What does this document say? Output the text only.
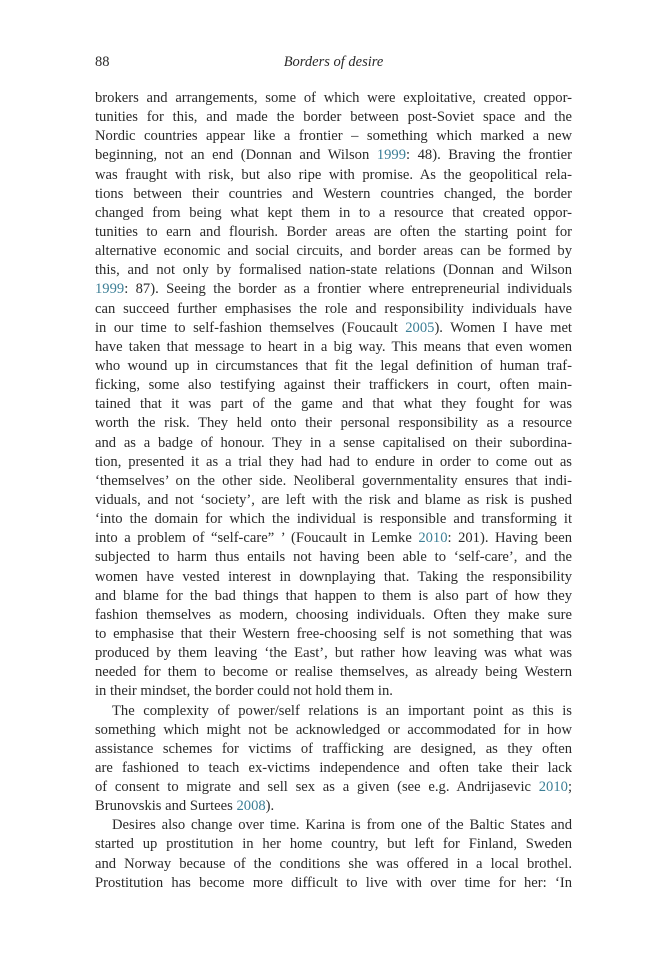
88	Borders of desire
brokers and arrangements, some of which were exploitative, created oppor-
tunities for this, and made the border between post-Soviet space and the
Nordic countries appear like a frontier – something which marked a new
beginning, not an end (Donnan and Wilson 1999: 48). Braving the frontier
was fraught with risk, but also ripe with promise. As the geopolitical rela-
tions between their countries and Western countries changed, the border
changed from being what kept them in to a resource that created oppor-
tunities to earn and flourish. Border areas are often the starting point for
alternative economic and social circuits, and border areas can be formed by
this, and not only by formalised nation-state relations (Donnan and Wilson
1999: 87). Seeing the border as a frontier where entrepreneurial individuals
can succeed further emphasises the role and responsibility individuals have
in our time to self-fashion themselves (Foucault 2005). Women I have met
have taken that message to heart in a big way. This means that even women
who wound up in circumstances that fit the legal definition of human traf-
ficking, some also testifying against their traffickers in court, often main-
tained that it was part of the game and that what they fought for was
worth the risk. They held onto their personal responsibility as a resource
and as a badge of honour. They in a sense capitalised on their subordina-
tion, presented it as a trial they had had to endure in order to come out as
‘themselves’ on the other side. Neoliberal governmentality ensures that indi-
viduals, and not ‘society’, are left with the risk and blame as risk is pushed
‘into the domain for which the individual is responsible and transforming it
into a problem of “self-care” ’ (Foucault in Lemke 2010: 201). Having been
subjected to harm thus entails not having been able to ‘self-care’, and the
women have vested interest in downplaying that. Taking the responsibility
and blame for the bad things that happen to them is also part of how they
fashion themselves as modern, choosing individuals. Often they make sure
to emphasise that their Western free-choosing self is not something that was
produced by them leaving ‘the East’, but rather how leaving was what was
needed for them to become or realise themselves, as already being Western
in their mindset, the border could not hold them in.
The complexity of power/self relations is an important point as this is
something which might not be acknowledged or accommodated for in how
assistance schemes for victims of trafficking are designed, as they often
are fashioned to teach ex-victims independence and often take their lack
of consent to migrate and sell sex as a given (see e.g. Andrijasevic 2010;
Brunovskis and Surtees 2008).
Desires also change over time. Karina is from one of the Baltic States and
started up prostitution in her home country, but left for Finland, Sweden
and Norway because of the conditions she was offered in a local brothel.
Prostitution has become more difficult to live with over time for her: ‘In
